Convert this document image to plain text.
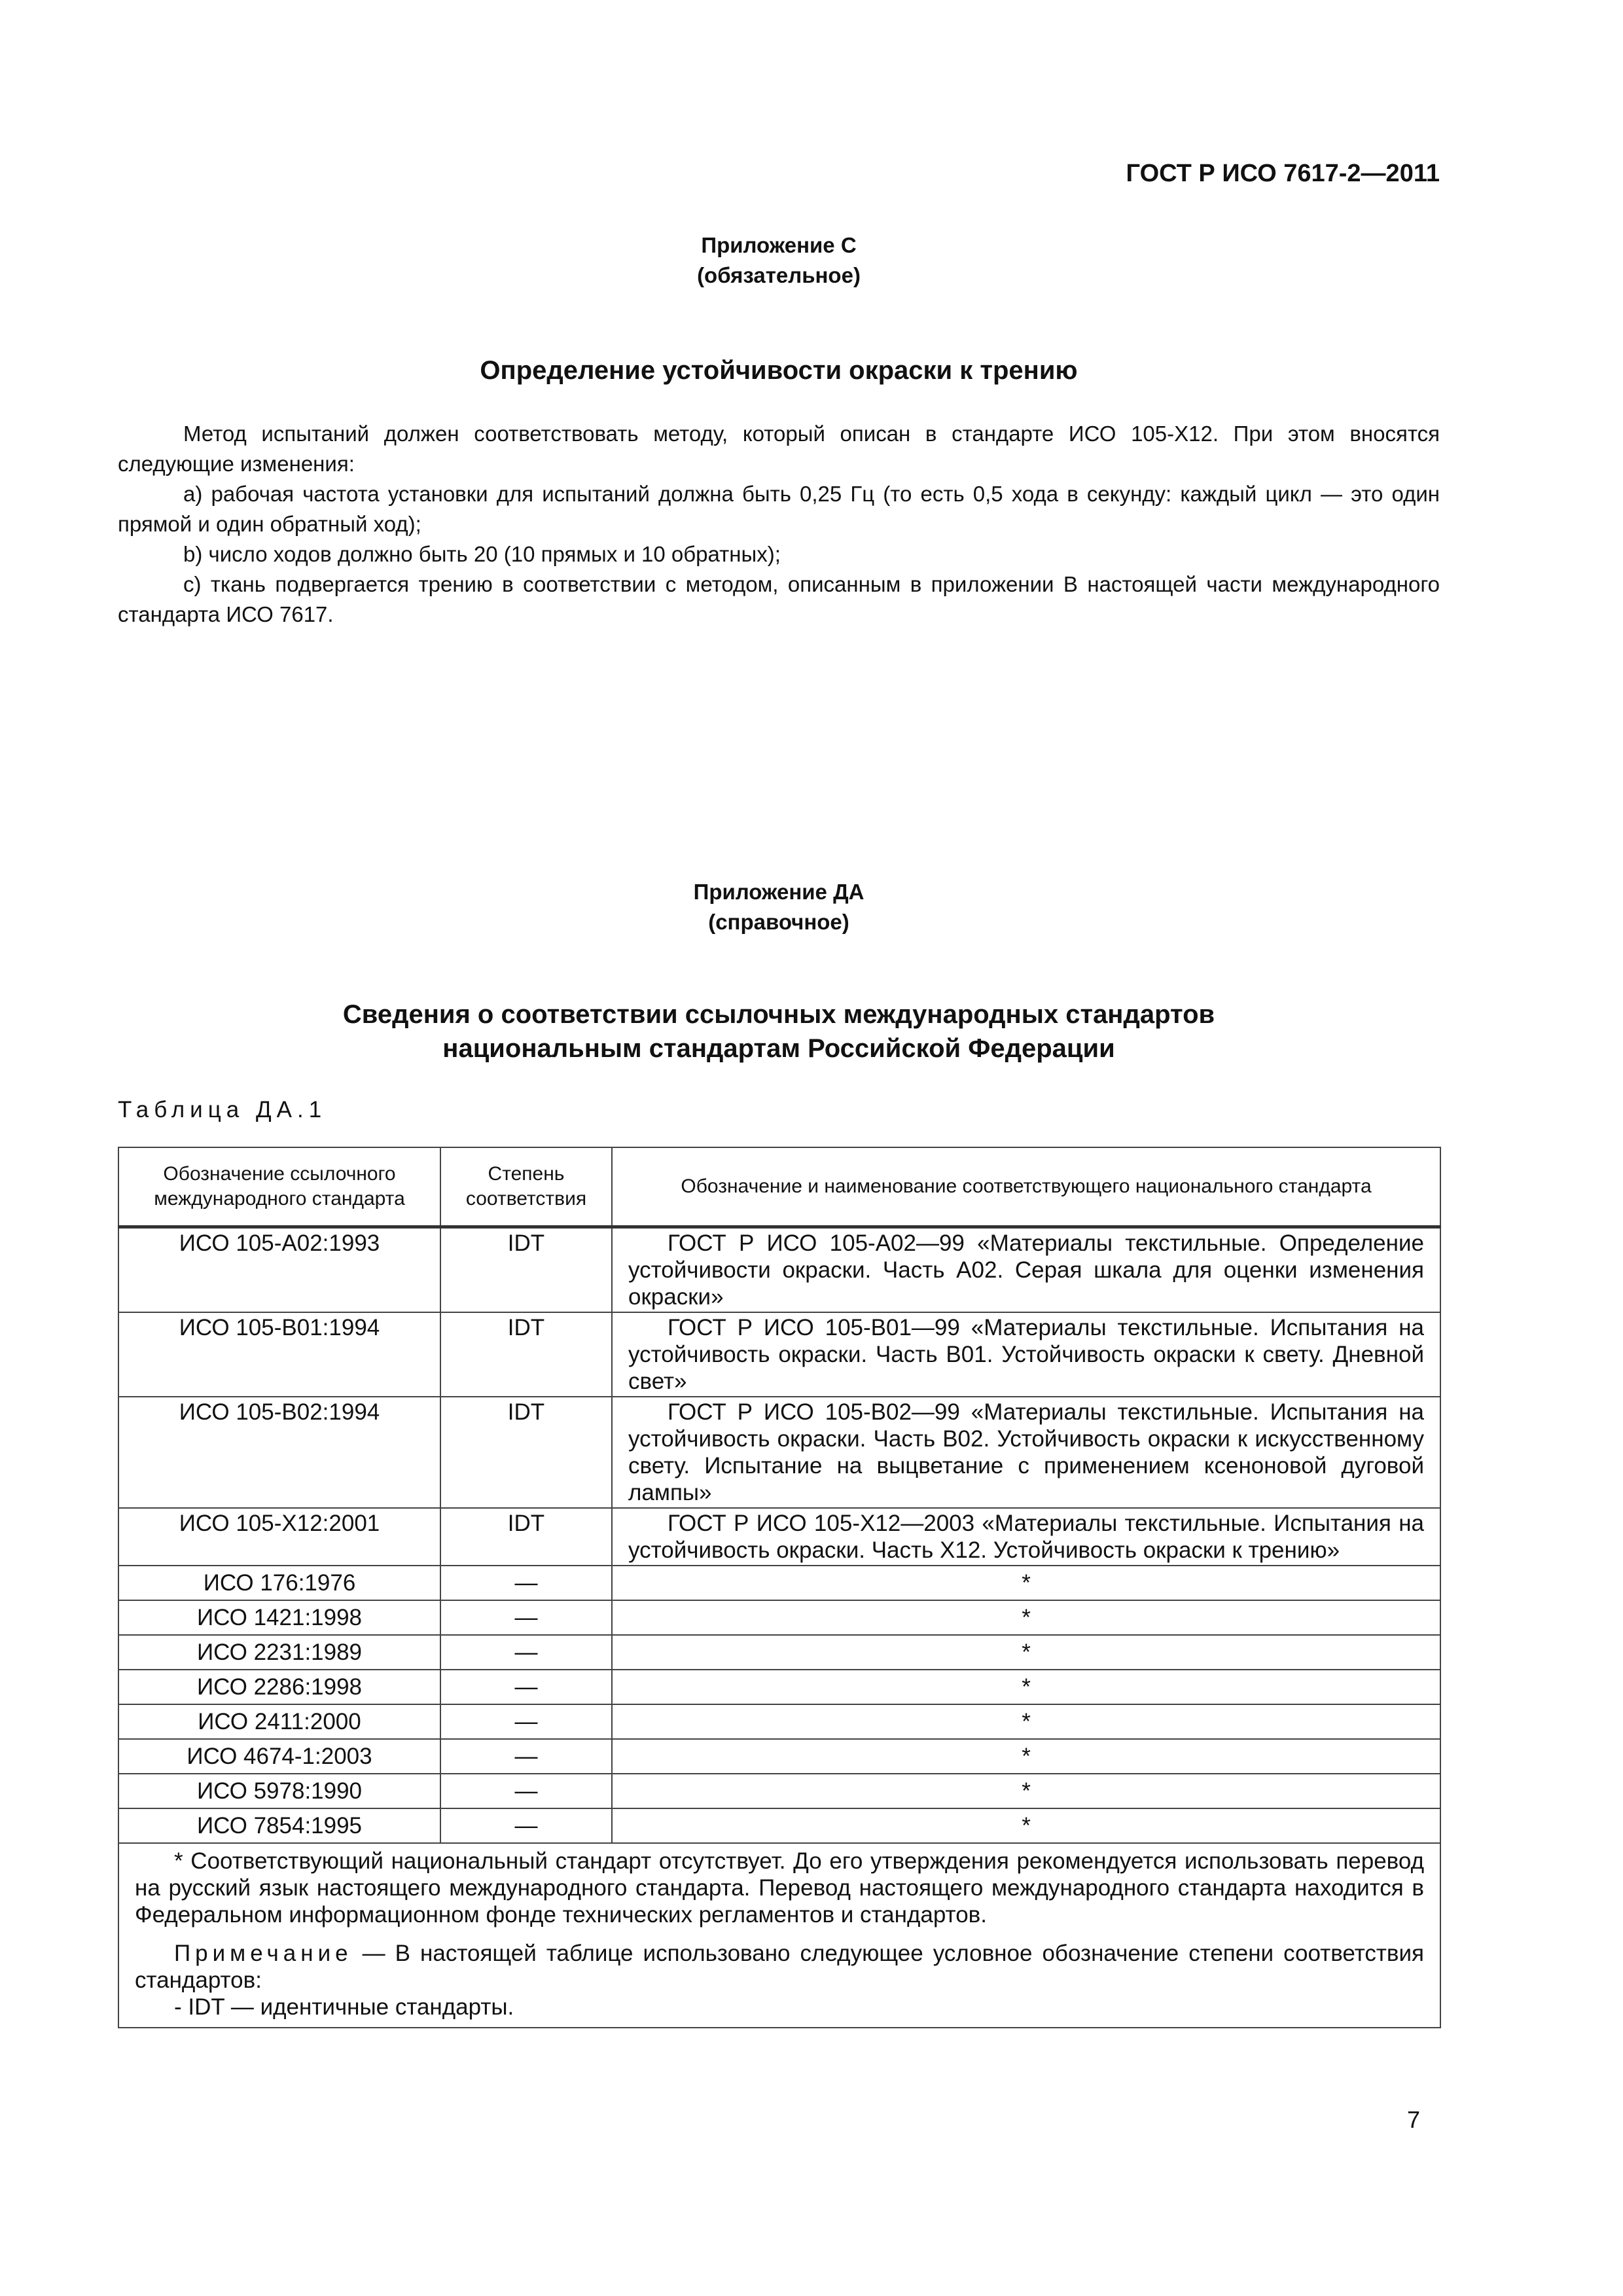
ГОСТ Р ИСО 7617-2—2011
Приложение С
(обязательное)
Определение устойчивости окраски к трению
Метод испытаний должен соответствовать методу, который описан в стандарте ИСО 105-Х12. При этом вносятся следующие изменения:
a) рабочая частота установки для испытаний должна быть 0,25 Гц (то есть 0,5 хода в секунду: каждый цикл — это один прямой и один обратный ход);
b) число ходов должно быть 20 (10 прямых и 10 обратных);
c) ткань подвергается трению в соответствии с методом, описанным в приложении В настоящей части международного стандарта ИСО 7617.
Приложение ДА
(справочное)
Сведения о соответствии ссылочных международных стандартов
национальным стандартам Российской Федерации
Таблица ДА.1
Обозначение ссылочного международного стандарта	Степень соответствия	Обозначение и наименование соответствующего национального стандарта
ИСО 105-А02:1993	IDT	ГОСТ Р ИСО 105-А02—99 «Материалы текстильные. Определение устойчивости окраски. Часть А02. Серая шкала для оценки изменения окраски»
ИСО 105-В01:1994	IDT	ГОСТ Р ИСО 105-В01—99 «Материалы текстильные. Испытания на устойчивость окраски. Часть В01. Устойчивость окраски к свету. Дневной свет»
ИСО 105-В02:1994	IDT	ГОСТ Р ИСО 105-В02—99 «Материалы текстильные. Испытания на устойчивость окраски. Часть В02. Устойчивость окраски к искусственному свету. Испытание на выцветание с применением ксеноновой дуговой лампы»
ИСО 105-Х12:2001	IDT	ГОСТ Р ИСО 105-Х12—2003 «Материалы текстильные. Испытания на устойчивость окраски. Часть Х12. Устойчивость окраски к трению»
ИСО 176:1976	—	*
ИСО 1421:1998	—	*
ИСО 2231:1989	—	*
ИСО 2286:1998	—	*
ИСО 2411:2000	—	*
ИСО 4674-1:2003	—	*
ИСО 5978:1990	—	*
ИСО 7854:1995	—	*

* Соответствующий национальный стандарт отсутствует. До его утверждения рекомендуется использовать перевод на русский язык настоящего международного стандарта. Перевод настоящего международного стандарта находится в Федеральном информационном фонде технических регламентов и стандартов.

Примечание — В настоящей таблице использовано следующее условное обозначение степени соответствия стандартов:

- IDT — идентичные стандарты.		

7
